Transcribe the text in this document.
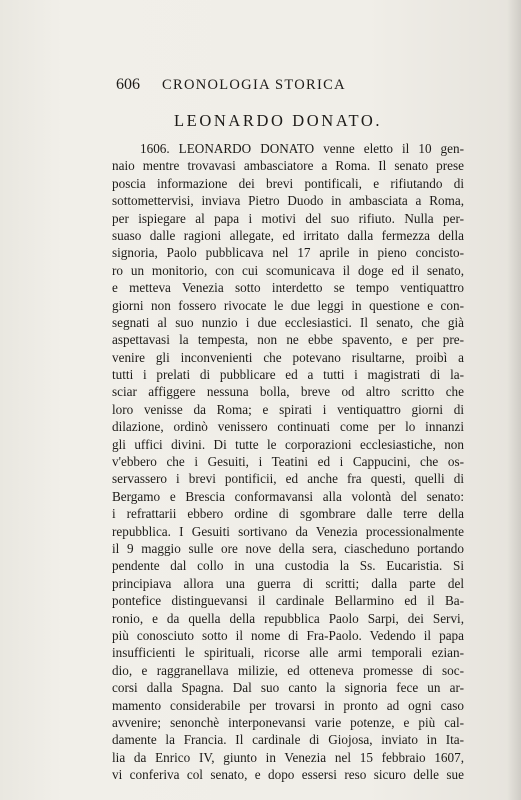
606 CRONOLOGIA STORICA
LEONARDO DONATO.
1606. LEONARDO DONATO venne eletto il 10 gen-
naio mentre trovavasi ambasciatore a Roma. Il senato prese
poscia informazione dei brevi pontificali, e rifiutando di
sottomettervisi, inviava Pietro Duodo in ambasciata a Roma,
per ispiegare al papa i motivi del suo rifiuto. Nulla per-
suaso dalle ragioni allegate, ed irritato dalla fermezza della
signoria, Paolo pubblicava nel 17 aprile in pieno concisto-
ro un monitorio, con cui scomunicava il doge ed il senato,
e metteva Venezia sotto interdetto se tempo ventiquattro
giorni non fossero rivocate le due leggi in questione e con-
segnati al suo nunzio i due ecclesiastici. Il senato, che già
aspettavasi la tempesta, non ne ebbe spavento, e per pre-
venire gli inconvenienti che potevano risultarne, proibì a
tutti i prelati di pubblicare ed a tutti i magistrati di la-
sciar affiggere nessuna bolla, breve od altro scritto che
loro venisse da Roma; e spirati i ventiquattro giorni di
dilazione, ordinò venissero continuati come per lo innanzi
gli uffici divini. Di tutte le corporazioni ecclesiastiche, non
v'ebbero che i Gesuiti, i Teatini ed i Cappucini, che os-
servassero i brevi pontificii, ed anche fra questi, quelli di
Bergamo e Brescia conformavansi alla volontà del senato:
i refrattarii ebbero ordine di sgombrare dalle terre della
repubblica. I Gesuiti sortivano da Venezia processionalmente
il 9 maggio sulle ore nove della sera, ciascheduno portando
pendente dal collo in una custodia la Ss. Eucaristia. Si
principiava allora una guerra di scritti; dalla parte del
pontefice distinguevansi il cardinale Bellarmino ed il Ba-
ronio, e da quella della repubblica Paolo Sarpi, dei Servi,
più conosciuto sotto il nome di Fra-Paolo. Vedendo il papa
insufficienti le spirituali, ricorse alle armi temporali ezian-
dio, e raggranellava milizie, ed otteneva promesse di soc-
corsi dalla Spagna. Dal suo canto la signoria fece un ar-
mamento considerabile per trovarsi in pronto ad ogni caso
avvenire; senonchè interponevansi varie potenze, e più cal-
damente la Francia. Il cardinale di Giojosa, inviato in Ita-
lia da Enrico IV, giunto in Venezia nel 15 febbraio 1607,
vi conferiva col senato, e dopo essersi reso sicuro delle sue
